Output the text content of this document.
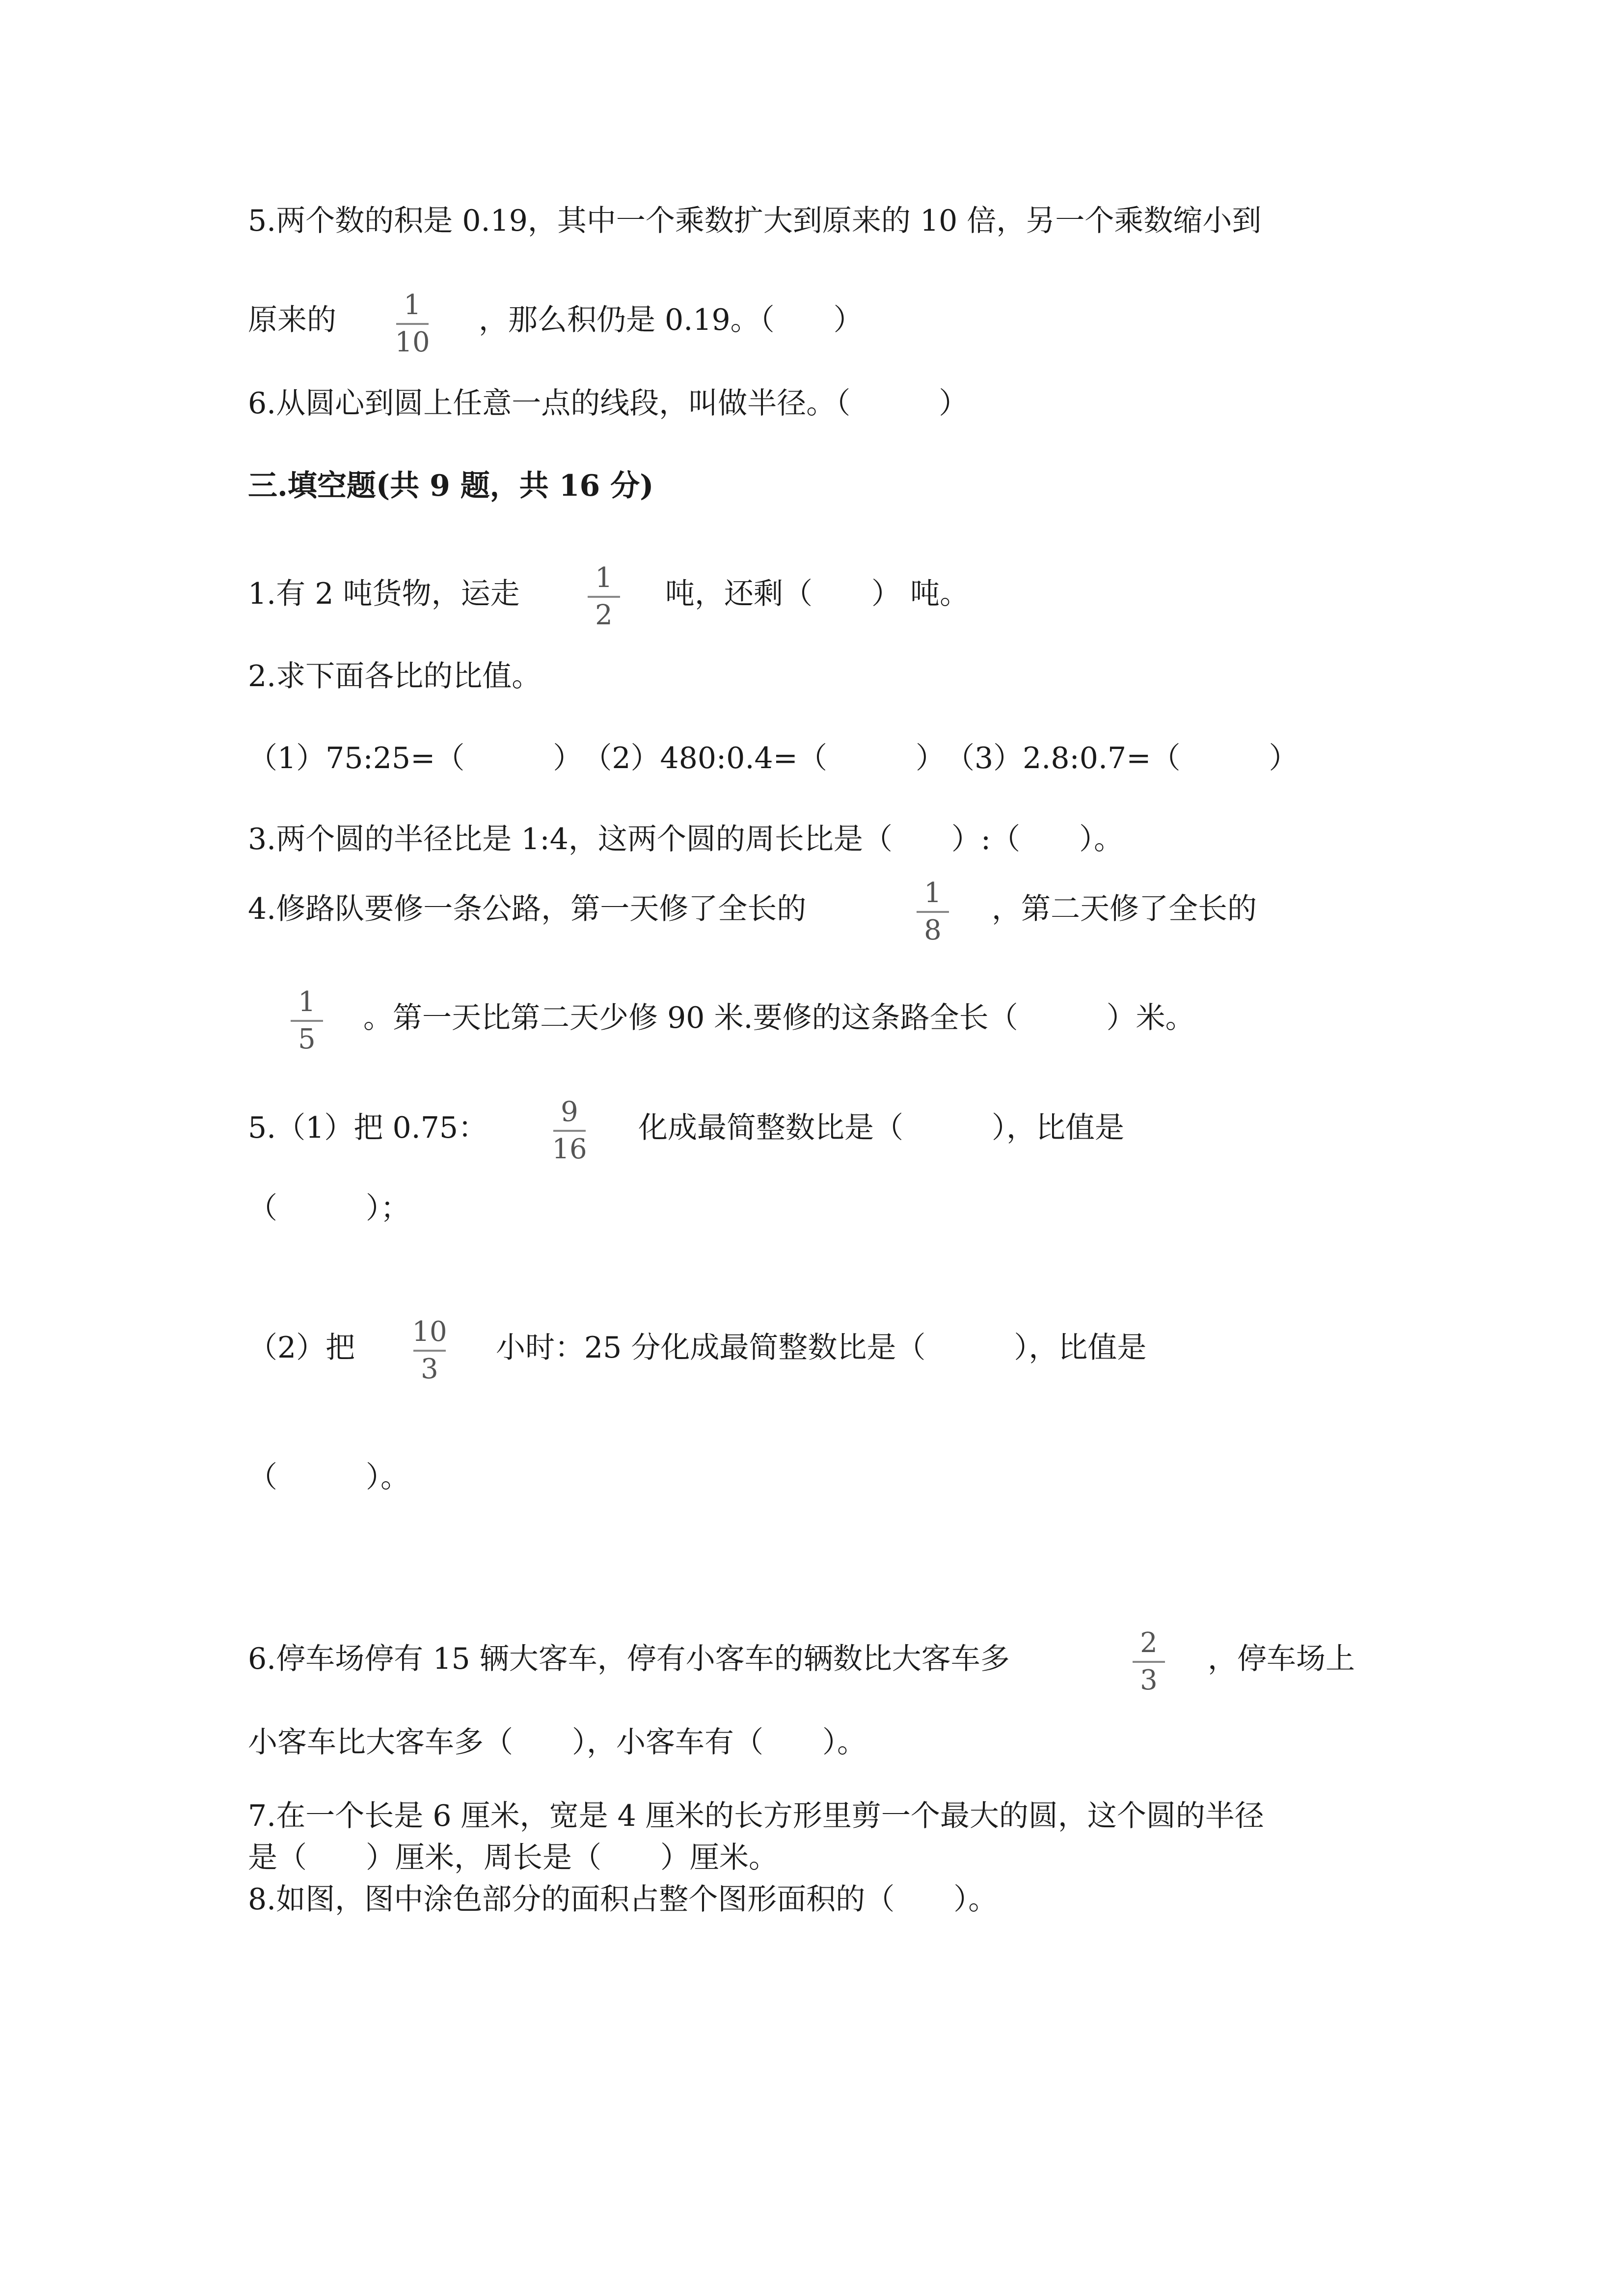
5.两个数的积是 0.19，其中一个乘数扩大到原来的 10 倍，另一个乘数缩小到
原来的	1
10
，那么积仍是 0.19。（　　）
6.从圆心到圆上任意一点的线段，叫做半径。（　　　）
三.填空题(共 9 题，共 16 分)
1.有 2 吨货物，运走	1
2
吨，还剩（　　） 吨。
2.求下面各比的比值。
（1）75:25=（　　　）　（2）480:0.4=（　　　）　（3）2.8:0.7=（　　　）
3.两个圆的半径比是 1:4，这两个圆的周长比是（　　）:（　　）。
4.修路队要修一条公路，第一天修了全长的	1
8
，第二天修了全长的
1
5
。第一天比第二天少修 90 米.要修的这条路全长（　　　）米。
5.（1）把 0.75：	9
16
化成最简整数比是（　　　），比值是
（　　　）；
（2）把 10
3
小时：25 分化成最简整数比是（　　　），比值是
（　　　）。
6.停车场停有 15 辆大客车，停有小客车的辆数比大客车多	2
3
，停车场上
小客车比大客车多（　　），小客车有（　　）。
7.在一个长是 6 厘米，宽是 4 厘米的长方形里剪一个最大的圆，这个圆的半径
是（　　）厘米，周长是（　　）厘米。
8.如图，图中涂色部分的面积占整个图形面积的（　　）。
